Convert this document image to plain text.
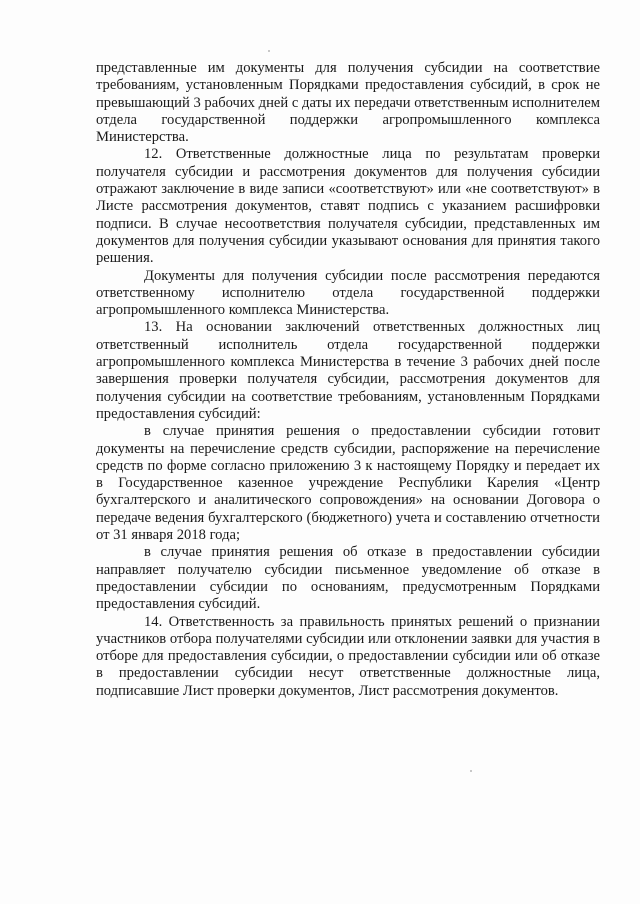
представленные им документы для получения субсидии на соответствие требованиям, установленным Порядками предоставления субсидий, в срок не превышающий 3 рабочих дней с даты их передачи ответственным исполнителем отдела государственной поддержки агропромышленного комплекса Министерства.

12. Ответственные должностные лица по результатам проверки получателя субсидии и рассмотрения документов для получения субсидии отражают заключение в виде записи «соответствуют» или «не соответствуют» в Листе рассмотрения документов, ставят подпись с указанием расшифровки подписи. В случае несоответствия получателя субсидии, представленных им документов для получения субсидии указывают основания для принятия такого решения.

Документы для получения субсидии после рассмотрения передаются ответственному исполнителю отдела государственной поддержки агропромышленного комплекса Министерства.

13. На основании заключений ответственных должностных лиц ответственный исполнитель отдела государственной поддержки агропромышленного комплекса Министерства в течение 3 рабочих дней после завершения проверки получателя субсидии, рассмотрения документов для получения субсидии на соответствие требованиям, установленным Порядками предоставления субсидий:

в случае принятия решения о предоставлении субсидии готовит документы на перечисление средств субсидии, распоряжение на перечисление средств по форме согласно приложению 3 к настоящему Порядку и передает их в Государственное казенное учреждение Республики Карелия «Центр бухгалтерского и аналитического сопровождения» на основании Договора о передаче ведения бухгалтерского (бюджетного) учета и составлению отчетности от 31 января 2018 года;

в случае принятия решения об отказе в предоставлении субсидии направляет получателю субсидии письменное уведомление об отказе в предоставлении субсидии по основаниям, предусмотренным Порядками предоставления субсидий.

14. Ответственность за правильность принятых решений о признании участников отбора получателями субсидии или отклонении заявки для участия в отборе для предоставления субсидии, о предоставлении субсидии или об отказе в предоставлении субсидии несут ответственные должностные лица, подписавшие Лист проверки документов, Лист рассмотрения документов.
